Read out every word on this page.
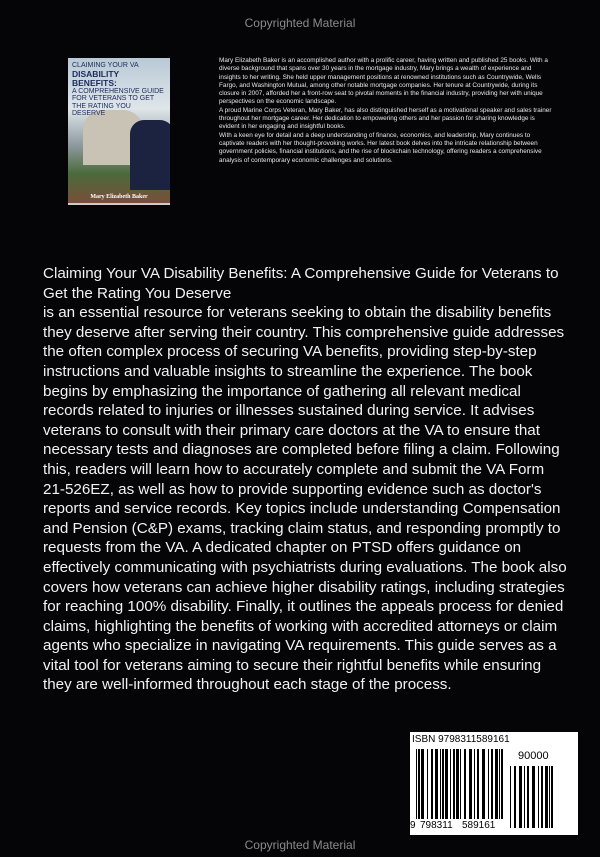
Copyrighted Material
CLAIMING YOUR VA
DISABILITY BENEFITS:
A COMPREHENSIVE GUIDE FOR VETERANS TO GET THE RATING YOU DESERVE
Mary Elizabeth Baker

Mary Elizabeth Baker is an accomplished author with a prolific career, having written and published 25 books. With a diverse background that spans over 30 years in the mortgage industry, Mary brings a wealth of experience and insights to her writing. She held upper management positions at renowned institutions such as Countrywide, Wells Fargo, and Washington Mutual, among other notable mortgage companies. Her tenure at Countrywide, during its closure in 2007, afforded her a front-row seat to pivotal moments in the financial industry, providing her with unique perspectives on the economic landscape.

A proud Marine Corps Veteran, Mary Baker, has also distinguished herself as a motivational speaker and sales trainer throughout her mortgage career. Her dedication to empowering others and her passion for sharing knowledge is evident in her engaging and insightful books.

With a keen eye for detail and a deep understanding of finance, economics, and leadership, Mary continues to captivate readers with her thought-provoking works. Her latest book delves into the intricate relationship between government policies, financial institutions, and the rise of blockchain technology, offering readers a comprehensive analysis of contemporary economic challenges and solutions.

Claiming Your VA Disability Benefits: A Comprehensive Guide for Veterans to Get the Rating You Deserve

is an essential resource for veterans seeking to obtain the disability benefits they deserve after serving their country. This comprehensive guide addresses the often complex process of securing VA benefits, providing step-by-step instructions and valuable insights to streamline the experience. The book begins by emphasizing the importance of gathering all relevant medical records related to injuries or illnesses sustained during service. It advises veterans to consult with their primary care doctors at the VA to ensure that necessary tests and diagnoses are completed before filing a claim. Following this, readers will learn how to accurately complete and submit the VA Form 21-526EZ, as well as how to provide supporting evidence such as doctor's reports and service records. Key topics include understanding Compensation and Pension (C&P) exams, tracking claim status, and responding promptly to requests from the VA. A dedicated chapter on PTSD offers guidance on effectively communicating with psychiatrists during evaluations. The book also covers how veterans can achieve higher disability ratings, including strategies for reaching 100% disability. Finally, it outlines the appeals process for denied claims, highlighting the benefits of working with accredited attorneys or claim agents who specialize in navigating VA requirements. This guide serves as a vital tool for veterans aiming to secure their rightful benefits while ensuring they are well-informed throughout each stage of the process.

ISBN 9798311589161
9 798311 589161
90000
Copyrighted Material
